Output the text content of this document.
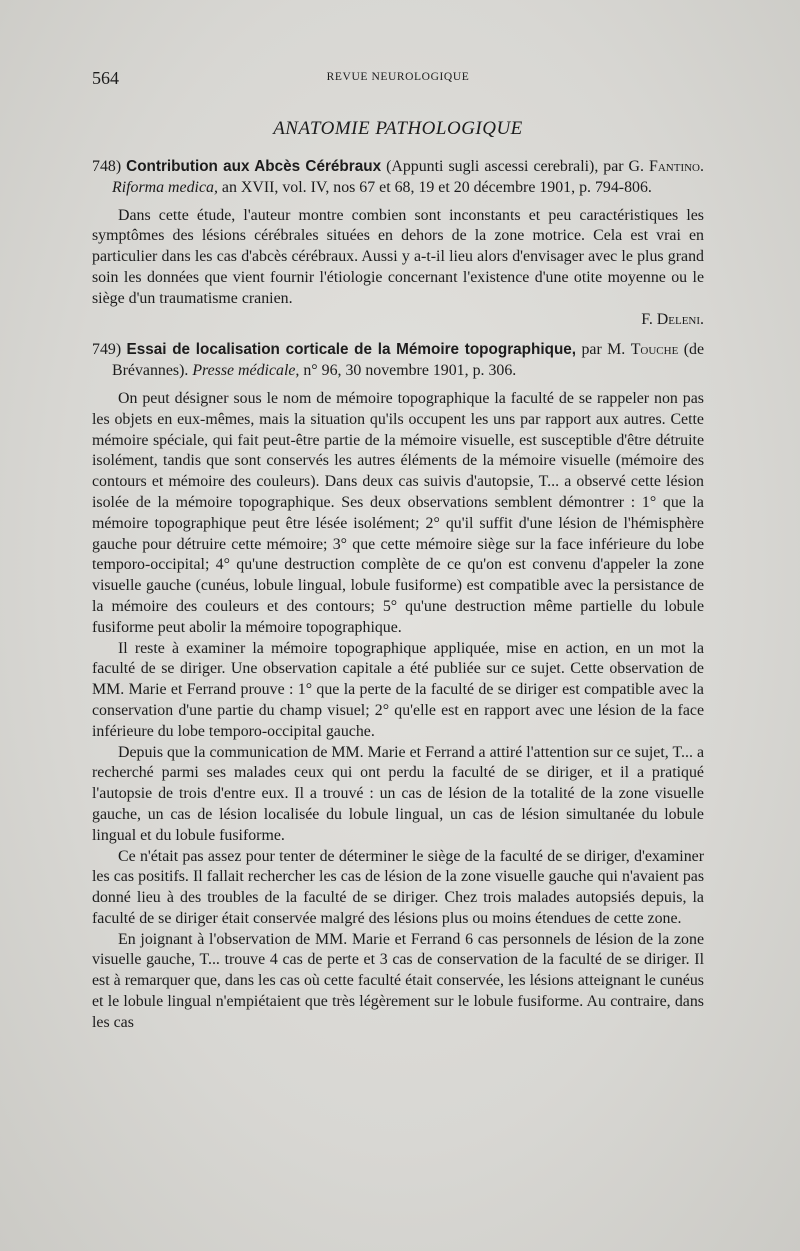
564	REVUE NEUROLOGIQUE
ANATOMIE PATHOLOGIQUE

748) Contribution aux Abcès Cérébraux (Appunti sugli ascessi cerebrali), par G. Fantino. Riforma medica, an XVII, vol. IV, nos 67 et 68, 19 et 20 décembre 1901, p. 794-806.

Dans cette étude, l'auteur montre combien sont inconstants et peu caractéristiques les symptômes des lésions cérébrales situées en dehors de la zone motrice. Cela est vrai en particulier dans les cas d'abcès cérébraux. Aussi y a-t-il lieu alors d'envisager avec le plus grand soin les données que vient fournir l'étiologie concernant l'existence d'une otite moyenne ou le siège d'un traumatisme cranien.

F. Deleni.

749) Essai de localisation corticale de la Mémoire topographique, par M. Touche (de Brévannes). Presse médicale, n° 96, 30 novembre 1901, p. 306.

On peut désigner sous le nom de mémoire topographique la faculté de se rappeler non pas les objets en eux-mêmes, mais la situation qu'ils occupent les uns par rapport aux autres. Cette mémoire spéciale, qui fait peut-être partie de la mémoire visuelle, est susceptible d'être détruite isolément, tandis que sont conservés les autres éléments de la mémoire visuelle (mémoire des contours et mémoire des couleurs). Dans deux cas suivis d'autopsie, T... a observé cette lésion isolée de la mémoire topographique. Ses deux observations semblent démontrer : 1° que la mémoire topographique peut être lésée isolément; 2° qu'il suffit d'une lésion de l'hémisphère gauche pour détruire cette mémoire; 3° que cette mémoire siège sur la face inférieure du lobe temporo-occipital; 4° qu'une destruction complète de ce qu'on est convenu d'appeler la zone visuelle gauche (cunéus, lobule lingual, lobule fusiforme) est compatible avec la persistance de la mémoire des couleurs et des contours; 5° qu'une destruction même partielle du lobule fusiforme peut abolir la mémoire topographique.

Il reste à examiner la mémoire topographique appliquée, mise en action, en un mot la faculté de se diriger. Une observation capitale a été publiée sur ce sujet. Cette observation de MM. Marie et Ferrand prouve : 1° que la perte de la faculté de se diriger est compatible avec la conservation d'une partie du champ visuel; 2° qu'elle est en rapport avec une lésion de la face inférieure du lobe temporo-occipital gauche.

Depuis que la communication de MM. Marie et Ferrand a attiré l'attention sur ce sujet, T... a recherché parmi ses malades ceux qui ont perdu la faculté de se diriger, et il a pratiqué l'autopsie de trois d'entre eux. Il a trouvé : un cas de lésion de la totalité de la zone visuelle gauche, un cas de lésion localisée du lobule lingual, un cas de lésion simultanée du lobule lingual et du lobule fusiforme.

Ce n'était pas assez pour tenter de déterminer le siège de la faculté de se diriger, d'examiner les cas positifs. Il fallait rechercher les cas de lésion de la zone visuelle gauche qui n'avaient pas donné lieu à des troubles de la faculté de se diriger. Chez trois malades autopsiés depuis, la faculté de se diriger était conservée malgré des lésions plus ou moins étendues de cette zone.

En joignant à l'observation de MM. Marie et Ferrand 6 cas personnels de lésion de la zone visuelle gauche, T... trouve 4 cas de perte et 3 cas de conservation de la faculté de se diriger. Il est à remarquer que, dans les cas où cette faculté était conservée, les lésions atteignant le cunéus et le lobule lingual n'empiétaient que très légèrement sur le lobule fusiforme. Au contraire, dans les cas
